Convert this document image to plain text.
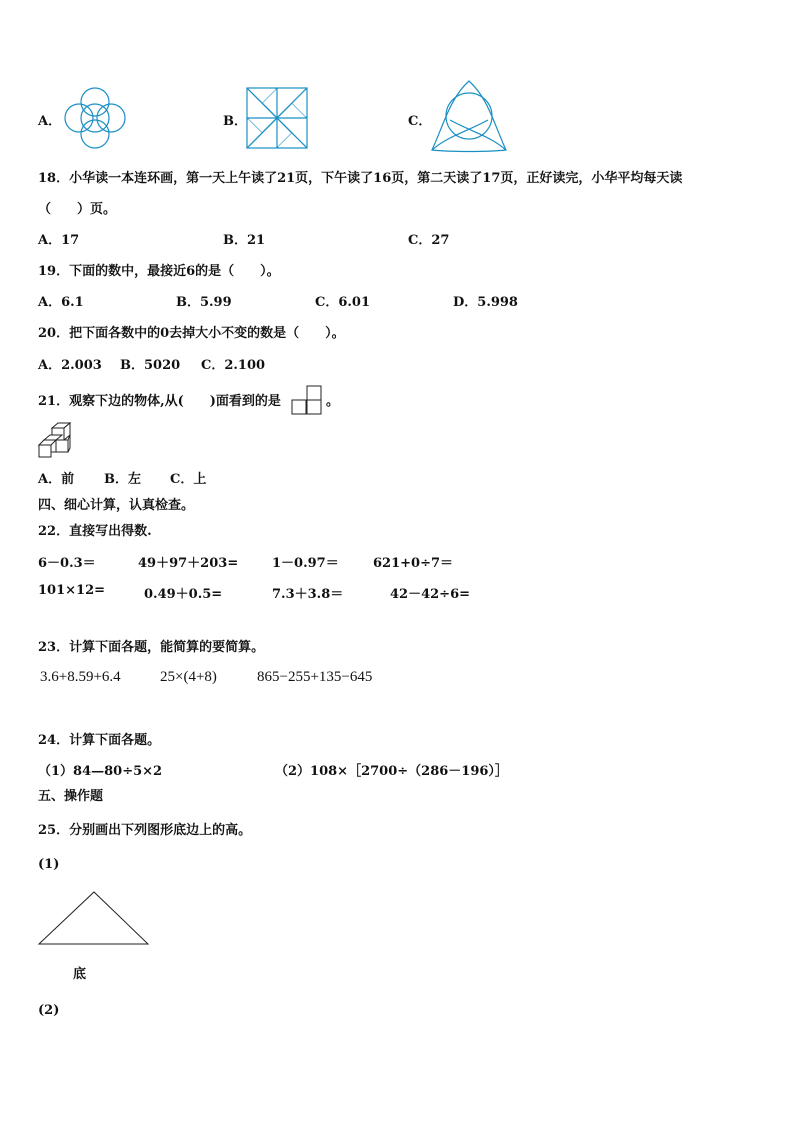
A．	B．	C．
18．小华读一本连环画，第一天上午读了21页，下午读了16页，第二天读了17页，正好读完，小华平均每天读
（　　）页。
A．17	B．21	C．27
19．下面的数中，最接近6的是（　　）。
A．6.1	B．5.99	C．6.01	D．5.998
20．把下面各数中的0去掉大小不变的数是（　　）。
A．2.003 B．5020 C．2.100
21．观察下边的物体,从(　　)面看到的是	。
A．前 B．左 C．上
四、细心计算，认真检查。
22．直接写出得数.
6－0.3＝	49＋97＋203=	1－0.97＝	621+0÷7＝
101×12=	0.49＋0.5=	7.3＋3.8＝	42－42÷6=
23．计算下面各题，能简算的要简算。
3.6+8.59+6.4	25×(4+8)	865−255+135−645
24．计算下面各题。
（1）84—80÷5×2	（2）108×［2700÷（286－196）］
五、操作题
25．分别画出下列图形底边上的高。
(1)
底
(2)
